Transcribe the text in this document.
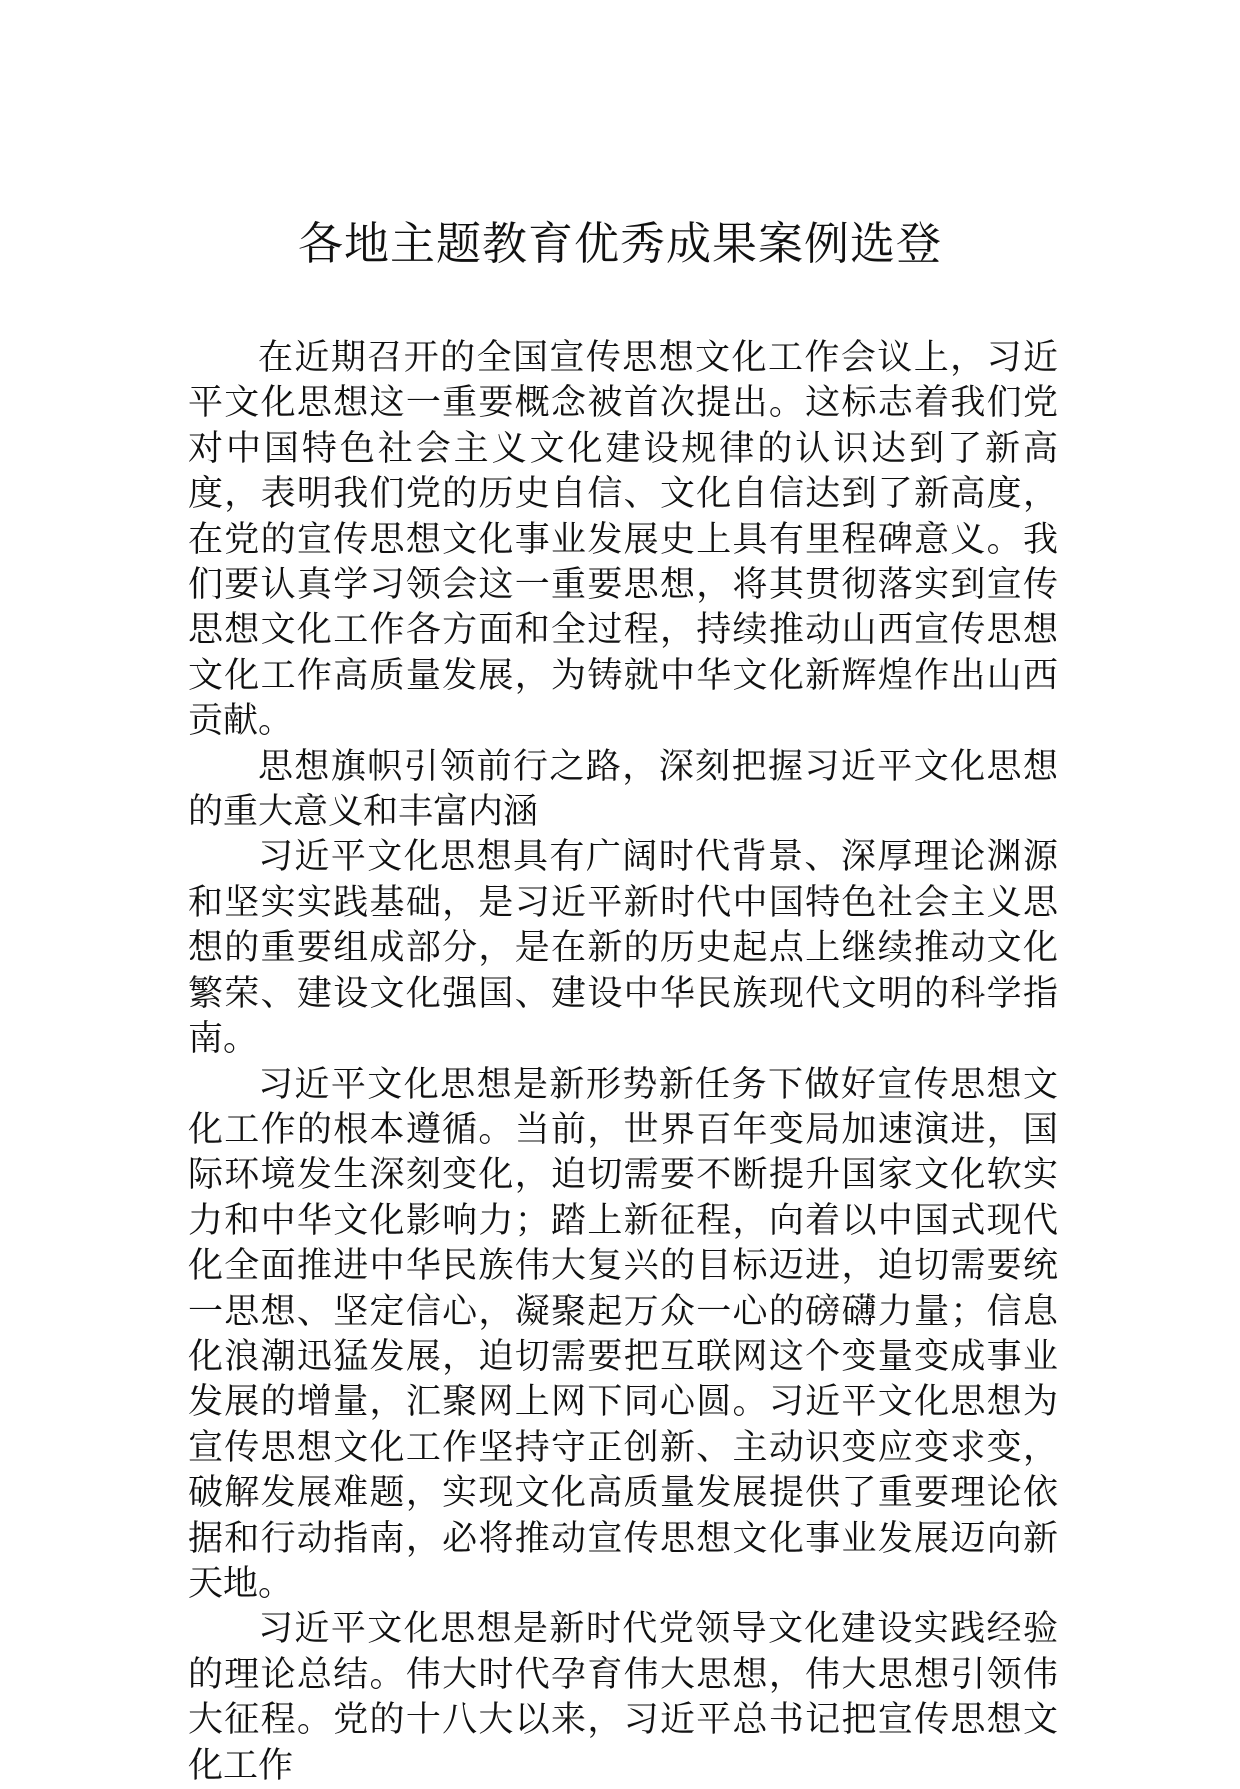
各地主题教育优秀成果案例选登

在近期召开的全国宣传思想文化工作会议上，习近平文化思想这一重要概念被首次提出。这标志着我们党对中国特色社会主义文化建设规律的认识达到了新高度，表明我们党的历史自信、文化自信达到了新高度，在党的宣传思想文化事业发展史上具有里程碑意义。我们要认真学习领会这一重要思想，将其贯彻落实到宣传思想文化工作各方面和全过程，持续推动山西宣传思想文化工作高质量发展，为铸就中华文化新辉煌作出山西贡献。

思想旗帜引领前行之路，深刻把握习近平文化思想的重大意义和丰富内涵

习近平文化思想具有广阔时代背景、深厚理论渊源和坚实实践基础，是习近平新时代中国特色社会主义思想的重要组成部分，是在新的历史起点上继续推动文化繁荣、建设文化强国、建设中华民族现代文明的科学指南。

习近平文化思想是新形势新任务下做好宣传思想文化工作的根本遵循。当前，世界百年变局加速演进，国际环境发生深刻变化，迫切需要不断提升国家文化软实力和中华文化影响力；踏上新征程，向着以中国式现代化全面推进中华民族伟大复兴的目标迈进，迫切需要统一思想、坚定信心，凝聚起万众一心的磅礴力量；信息化浪潮迅猛发展，迫切需要把互联网这个变量变成事业发展的增量，汇聚网上网下同心圆。习近平文化思想为宣传思想文化工作坚持守正创新、主动识变应变求变，破解发展难题，实现文化高质量发展提供了重要理论依据和行动指南，必将推动宣传思想文化事业发展迈向新天地。

习近平文化思想是新时代党领导文化建设实践经验的理论总结。伟大时代孕育伟大思想，伟大思想引领伟大征程。党的十八大以来，习近平总书记把宣传思想文化工作
